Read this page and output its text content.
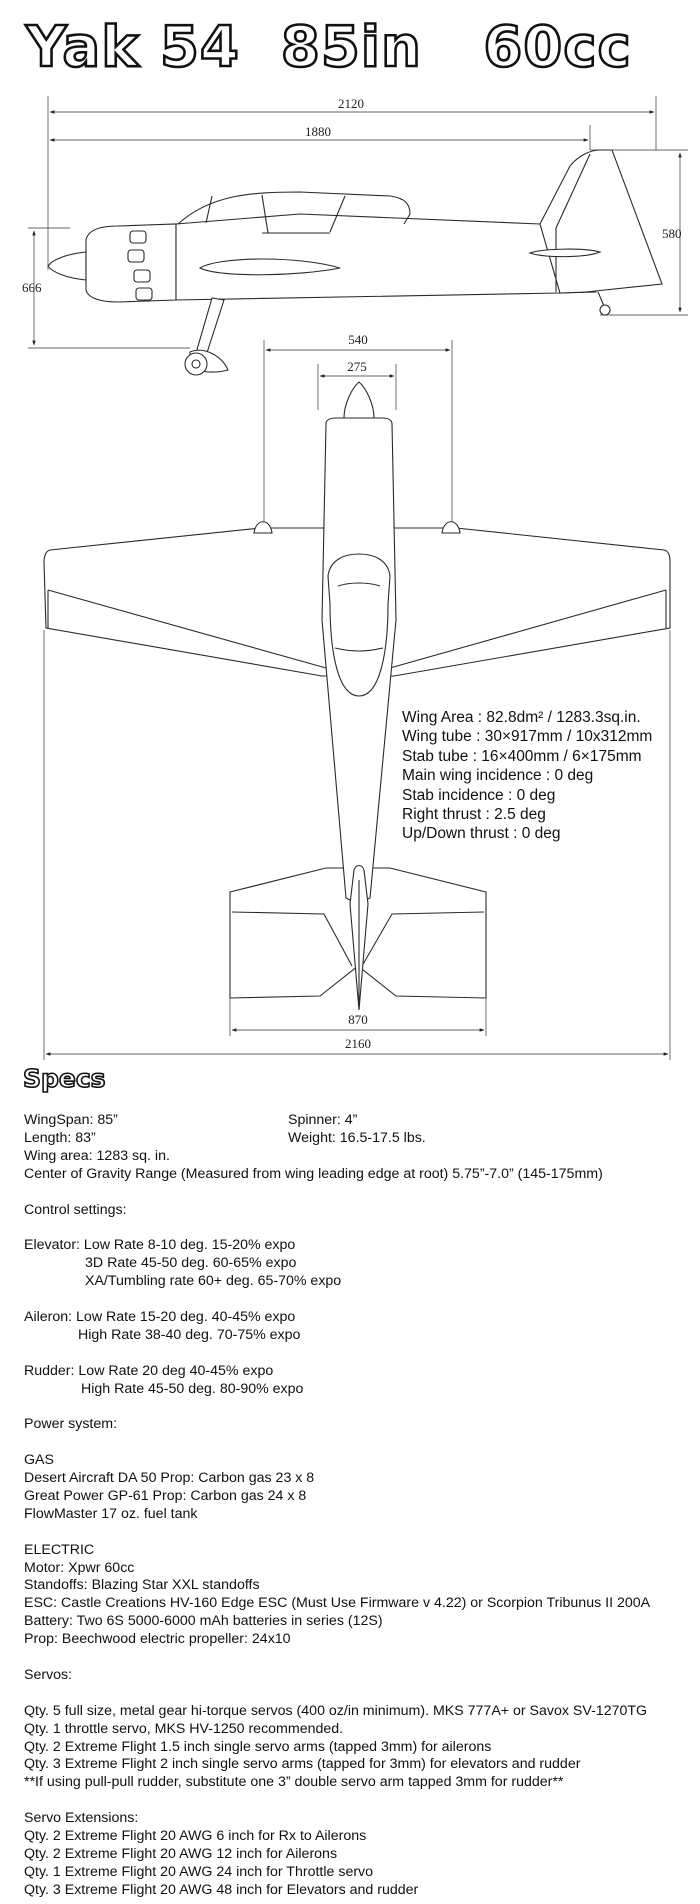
Yak 54  85in   60cc
2120
1880
666
580
540
275
870
2160
Wing Area : 82.8dm² / 1283.3sq.in.
Wing tube : 30×917mm / 10x312mm
Stab tube : 16×400mm / 6×175mm
Main wing incidence : 0 deg
Stab incidence : 0 deg
Right thrust : 2.5 deg
Up/Down thrust : 0 deg
Specs

WingSpan: 85”	Spinner: 4”

Length: 83”	Weight: 16.5-17.5 lbs.

Wing area: 1283 sq. in.

Center of Gravity Range (Measured from wing leading edge at root) 5.75”-7.0” (145-175mm)

Control settings:

Elevator: Low Rate 8-10 deg. 15-20% expo

3D Rate 45-50 deg. 60-65% expo

XA/Tumbling rate 60+ deg. 65-70% expo

Aileron: Low Rate 15-20 deg. 40-45% expo

High Rate 38-40 deg. 70-75% expo

Rudder: Low Rate 20 deg 40-45% expo

High Rate 45-50 deg. 80-90% expo

Power system:

GAS

Desert Aircraft DA 50 Prop: Carbon gas 23 x 8

Great Power GP-61 Prop: Carbon gas 24 x 8

FlowMaster 17 oz. fuel tank

ELECTRIC

Motor: Xpwr 60cc

Standoffs: Blazing Star XXL standoffs

ESC: Castle Creations HV-160 Edge ESC (Must Use Firmware v 4.22) or Scorpion Tribunus II 200A

Battery: Two 6S 5000-6000 mAh batteries in series (12S)

Prop: Beechwood electric propeller: 24x10

Servos:

Qty. 5 full size, metal gear hi-torque servos (400 oz/in minimum). MKS 777A+ or Savox SV-1270TG

Qty. 1 throttle servo, MKS HV-1250 recommended.

Qty. 2 Extreme Flight 1.5 inch single servo arms (tapped 3mm) for ailerons

Qty. 3 Extreme Flight 2 inch single servo arms (tapped for 3mm) for elevators and rudder

**If using pull-pull rudder, substitute one 3” double servo arm tapped 3mm for rudder**

Servo Extensions:

Qty. 2 Extreme Flight 20 AWG 6 inch for Rx to Ailerons

Qty. 2 Extreme Flight 20 AWG 12 inch for Ailerons

Qty. 1 Extreme Flight 20 AWG 24 inch for Throttle servo

Qty. 3 Extreme Flight 20 AWG 48 inch for Elevators and rudder
